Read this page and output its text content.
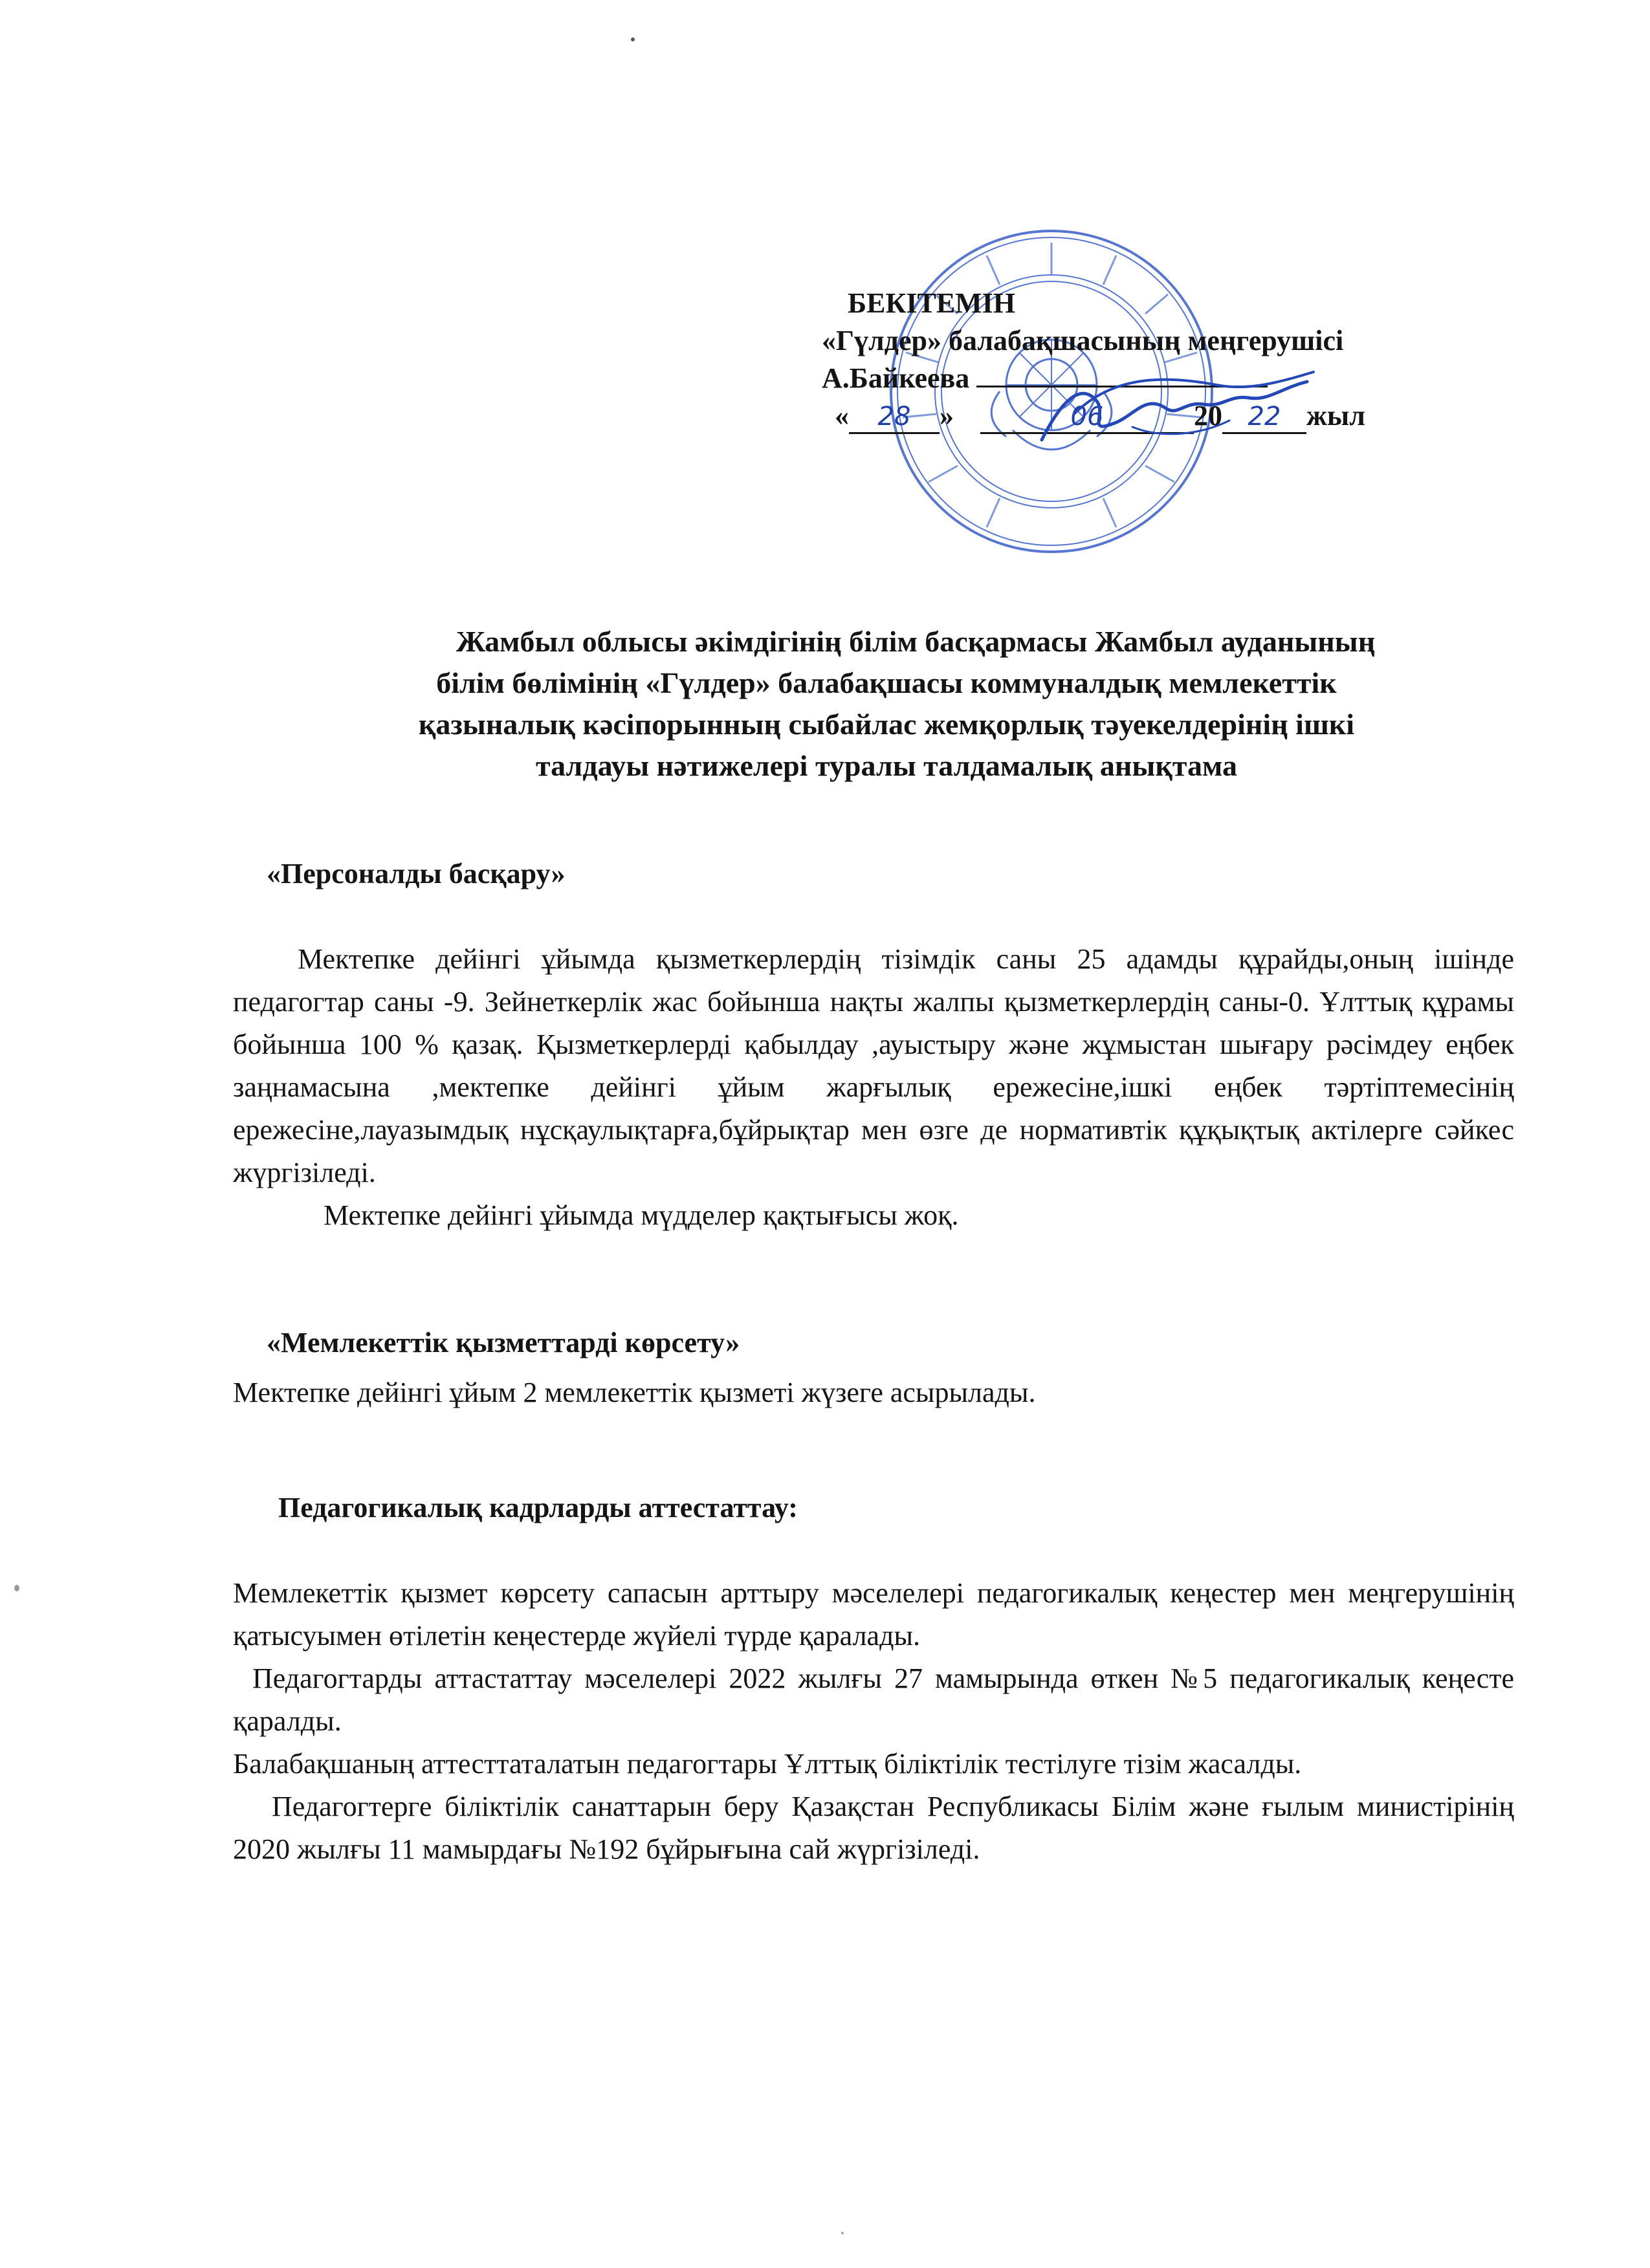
БЕКІТЕМІН
«Гүлдер» балабақшасының меңгерушісі
А.Байкеева
« 28 »	06	20 22 жыл
Жамбыл облысы әкімдігінің білім басқармасы Жамбыл ауданының
білім бөлімінің «Гүлдер» балабақшасы коммуналдық мемлекеттік
қазыналық кәсіпорынның сыбайлас жемқорлық тәуекелдерінің ішкі
талдауы нәтижелері туралы талдамалық анықтама
«Персоналды басқару»

Мектепке дейінгі ұйымда қызметкерлердің тізімдік саны 25 адамды құрайды,оның ішінде педагогтар саны -9. Зейнеткерлік жас бойынша нақты жалпы қызметкерлердің саны-0. Ұлттық құрамы бойынша 100 % қазақ. Қызметкерлерді қабылдау ,ауыстыру және жұмыстан шығару рәсімдеу еңбек заңнамасына ,мектепке дейінгі ұйым жарғылық ережесіне,ішкі еңбек тәртіптемесінің ережесіне,лауазымдық нұсқаулықтарға,бұйрықтар мен өзге де нормативтік құқықтық актілерге сәйкес жүргізіледі.

Мектепке дейінгі ұйымда мүдделер қақтығысы жоқ.

«Мемлекеттік қызметтарді көрсету»

Мектепке дейінгі ұйым 2 мемлекеттік қызметі жүзеге асырылады.

Педагогикалық кадрларды аттестаттау:

Мемлекеттік қызмет көрсету сапасын арттыру мәселелері педагогикалық кеңестер мен меңгерушінің қатысуымен өтілетін кеңестерде жүйелі түрде қаралады.

Педагогтарды аттастаттау мәселелері 2022 жылғы 27 мамырында өткен №5 педагогикалық кеңесте қаралды.

Балабақшаның аттесттаталатын педагогтары Ұлттық біліктілік тестілуге тізім жасалды.

Педагогтерге біліктілік санаттарын беру Қазақстан Республикасы Білім және ғылым министірінің 2020 жылғы 11 мамырдағы №192 бұйрығына сай жүргізіледі.
